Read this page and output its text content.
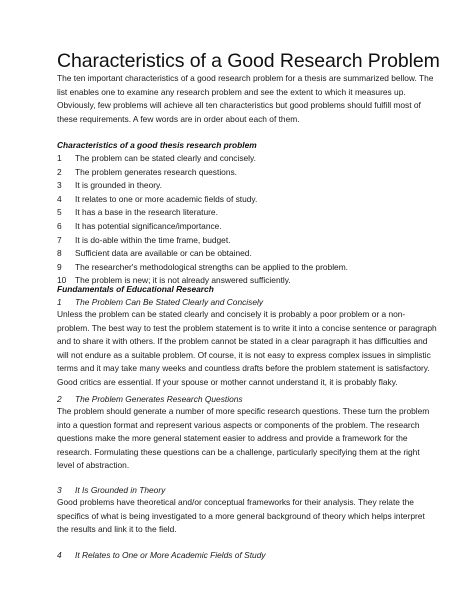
Characteristics of a Good Research Problem
The ten important characteristics of a good research problem for a thesis are summarized bellow. The list enables one to examine any research problem and see the extent to which it measures up. Obviously, few problems will achieve all ten characteristics but good problems should fulfill most of these requirements. A few words are in order about each of them.
Characteristics of a good thesis research problem
1	The problem can be stated clearly and concisely.
2	The problem generates research questions.
3	It is grounded in theory.
4	It relates to one or more academic fields of study.
5	It has a base in the research literature.
6	It has potential significance/importance.
7	It is do-able within the time frame, budget.
8	Sufficient data are available or can be obtained.
9	The researcher's methodological strengths can be applied to the problem.
10	The problem is new; it is not already answered sufficiently.
Fundamentals of Educational Research
1 The Problem Can Be Stated Clearly and Concisely
Unless the problem can be stated clearly and concisely it is probably a poor problem or a non-problem. The best way to test the problem statement is to write it into a concise sentence or paragraph and to share it with others. If the problem cannot be stated in a clear paragraph it has difficulties and will not endure as a suitable problem. Of course, it is not easy to express complex issues in simplistic terms and it may take many weeks and countless drafts before the problem statement is satisfactory. Good critics are essential. If your spouse or mother cannot understand it, it is probably flaky.
2 The Problem Generates Research Questions
The problem should generate a number of more specific research questions. These turn the problem into a question format and represent various aspects or components of the problem. The research questions make the more general statement easier to address and provide a framework for the research. Formulating these questions can be a challenge, particularly specifying them at the right level of abstraction.
3 It Is Grounded in Theory
Good problems have theoretical and/or conceptual frameworks for their analysis. They relate the specifics of what is being investigated to a more general background of theory which helps interpret the results and link it to the field.
4 It Relates to One or More Academic Fields of Study
